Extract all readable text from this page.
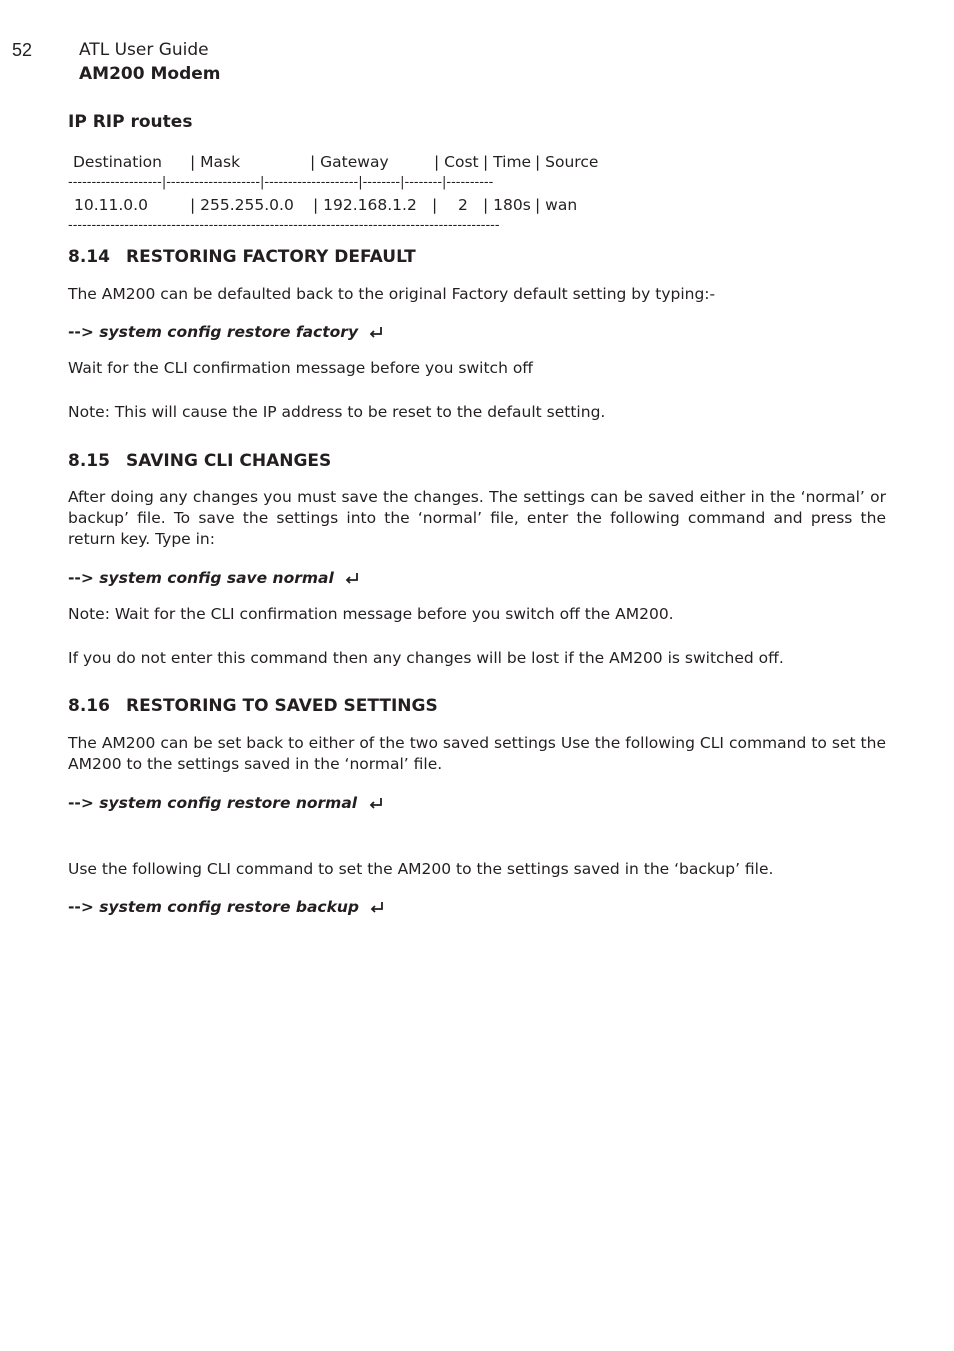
52	ATL User Guide
AM200 Modem
IP RIP routes
Destination | Mask	| Gateway	| Cost | Time | Source
--------------------|--------------------|--------------------|--------|--------|----------
10.11.0.0	| 255.255.0.0 | 192.168.1.2 | 2 | 180s | wan
--------------------------------------------------------------------------------------------
8.14 RESTORING FACTORY DEFAULT
The AM200 can be defaulted back to the original Factory default setting by typing:-
--> system config restore factory
Wait for the CLI confirmation message before you switch off
Note: This will cause the IP address to be reset to the default setting.
8.15 SAVING CLI CHANGES
After doing any changes you must save the changes. The settings can be saved either in the ‘normal’ or backup’ file. To save the settings into the ‘normal’ file, enter the following command and press the return key. Type in:
--> system config save normal
Note: Wait for the CLI confirmation message before you switch off the AM200.
If you do not enter this command then any changes will be lost if the AM200 is switched off.
8.16 RESTORING TO SAVED SETTINGS
The AM200 can be set back to either of the two saved settings Use the following CLI command to set the AM200 to the settings saved in the ‘normal’ file.
--> system config restore normal
Use the following CLI command to set the AM200 to the settings saved in the ‘backup’ file.
--> system config restore backup
